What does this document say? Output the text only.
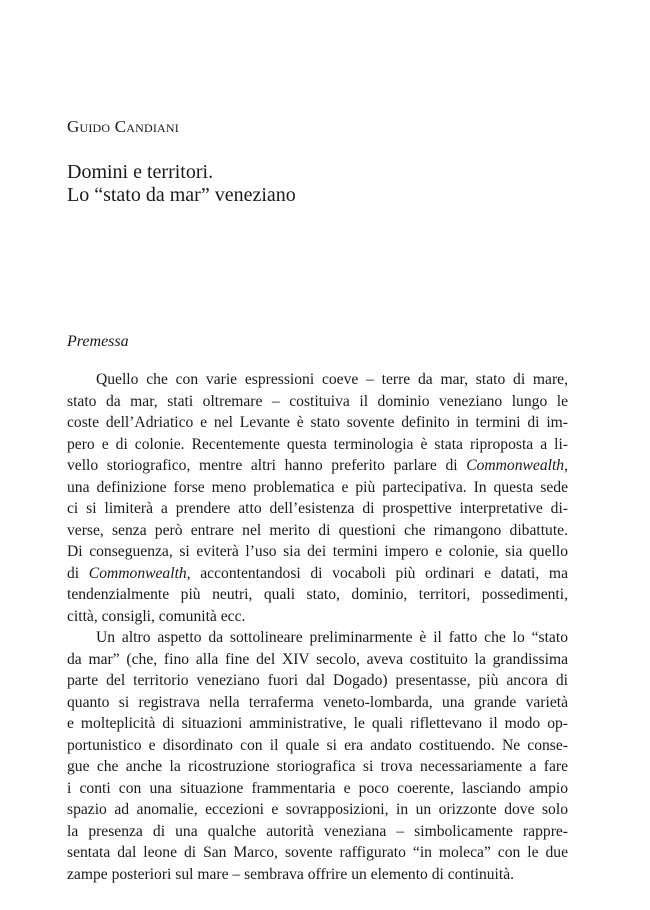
Guido Candiani
Domini e territori.
Lo “stato da mar” veneziano
Premessa
Quello che con varie espressioni coeve – terre da mar, stato di mare,
stato da mar, stati oltremare – costituiva il dominio veneziano lungo le
coste dell’Adriatico e nel Levante è stato sovente definito in termini di im-
pero e di colonie. Recentemente questa terminologia è stata riproposta a li-
vello storiografico, mentre altri hanno preferito parlare di Commonwealth,
una definizione forse meno problematica e più partecipativa. In questa sede
ci si limiterà a prendere atto dell’esistenza di prospettive interpretative di-
verse, senza però entrare nel merito di questioni che rimangono dibattute.
Di conseguenza, si eviterà l’uso sia dei termini impero e colonie, sia quello
di Commonwealth, accontentandosi di vocaboli più ordinari e datati, ma
tendenzialmente più neutri, quali stato, dominio, territori, possedimenti,
città, consigli, comunità ecc.
Un altro aspetto da sottolineare preliminarmente è il fatto che lo “stato
da mar” (che, fino alla fine del XIV secolo, aveva costituito la grandissima
parte del territorio veneziano fuori dal Dogado) presentasse, più ancora di
quanto si registrava nella terraferma veneto-lombarda, una grande varietà
e molteplicità di situazioni amministrative, le quali riflettevano il modo op-
portunistico e disordinato con il quale si era andato costituendo. Ne conse-
gue che anche la ricostruzione storiografica si trova necessariamente a fare
i conti con una situazione frammentaria e poco coerente, lasciando ampio
spazio ad anomalie, eccezioni e sovrapposizioni, in un orizzonte dove solo
la presenza di una qualche autorità veneziana – simbolicamente rappre-
sentata dal leone di San Marco, sovente raffigurato “in moleca” con le due
zampe posteriori sul mare – sembrava offrire un elemento di continuità.
